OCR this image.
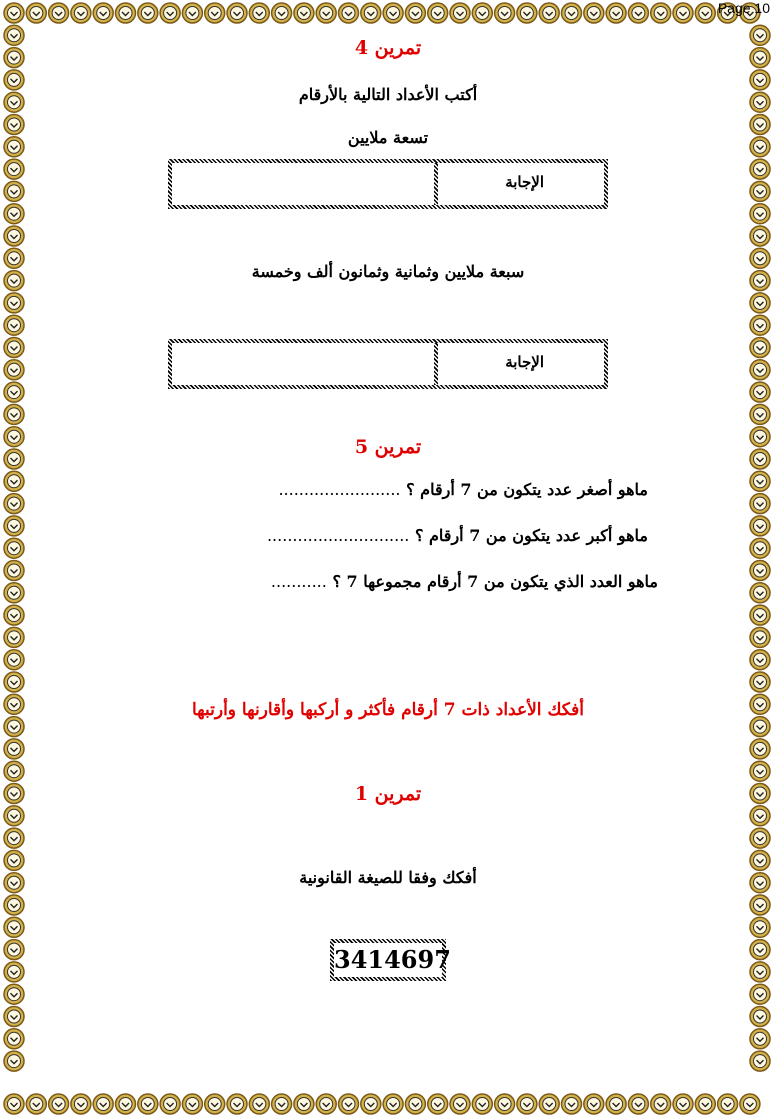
Page 10
تمرين 4
أكتب الأعداد التالية بالأرقام
تسعة ملايين
الإجابة
سبعة ملايين وثمانية وثمانون ألف وخمسة
الإجابة
تمرين 5
ماهو أصغر عدد يتكون من 7 أرقام ؟ ........................
ماهو أكبر عدد يتكون من 7 أرقام ؟ ............................
ماهو العدد الذي يتكون من 7 أرقام مجموعها 7 ؟ ...........
أفكك الأعداد ذات 7 أرقام فأكثر و أركبها وأقارنها وأرتبها
تمرين 1
أفكك وفقا للصيغة القانونية
3414697
